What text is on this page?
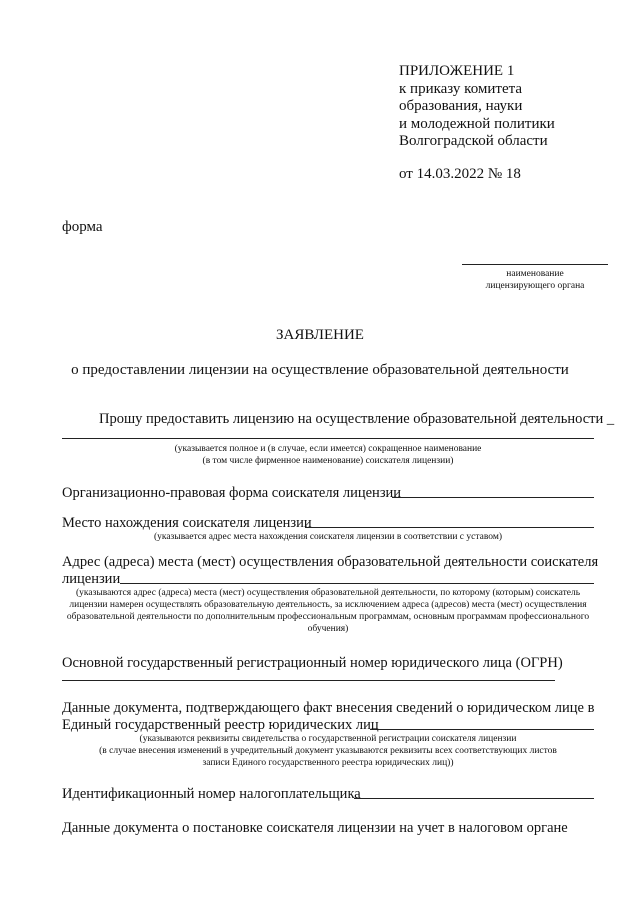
ПРИЛОЖЕНИЕ 1
к приказу комитета
образования, науки
и молодежной политики
Волгоградской области
от 14.03.2022 № 18
форма
наименование
лицензирующего органа
ЗАЯВЛЕНИЕ
о предоставлении лицензии на осуществление образовательной деятельности
Прошу предоставить лицензию на осуществление образовательной деятельности _
(указывается полное и (в случае, если имеется) сокращенное наименование
(в том числе фирменное наименование) соискателя лицензии)
Организационно-правовая форма соискателя лицензии
Место нахождения соискателя лицензии
(указывается адрес места нахождения соискателя лицензии в соответствии с уставом)
Адрес (адреса) места (мест) осуществления образовательной деятельности соискателя
лицензии
(указываются адрес (адреса) места (мест) осуществления образовательной деятельности, по которому (которым) соискатель лицензии намерен осуществлять образовательную деятельность, за исключением адреса (адресов) места (мест) осуществления образовательной деятельности по дополнительным профессиональным программам, основным программам профессионального обучения)
Основной государственный регистрационный номер юридического лица (ОГРН)
Данные документа, подтверждающего факт внесения сведений о юридическом лице в
Единый государственный реестр юридических лиц
(указываются реквизиты свидетельства о государственной регистрации соискателя лицензии
(в случае внесения изменений в учредительный документ указываются реквизиты всех соответствующих листов
записи Единого государственного реестра юридических лиц))
Идентификационный номер налогоплательщика
Данные документа о постановке соискателя лицензии на учет в налоговом органе
